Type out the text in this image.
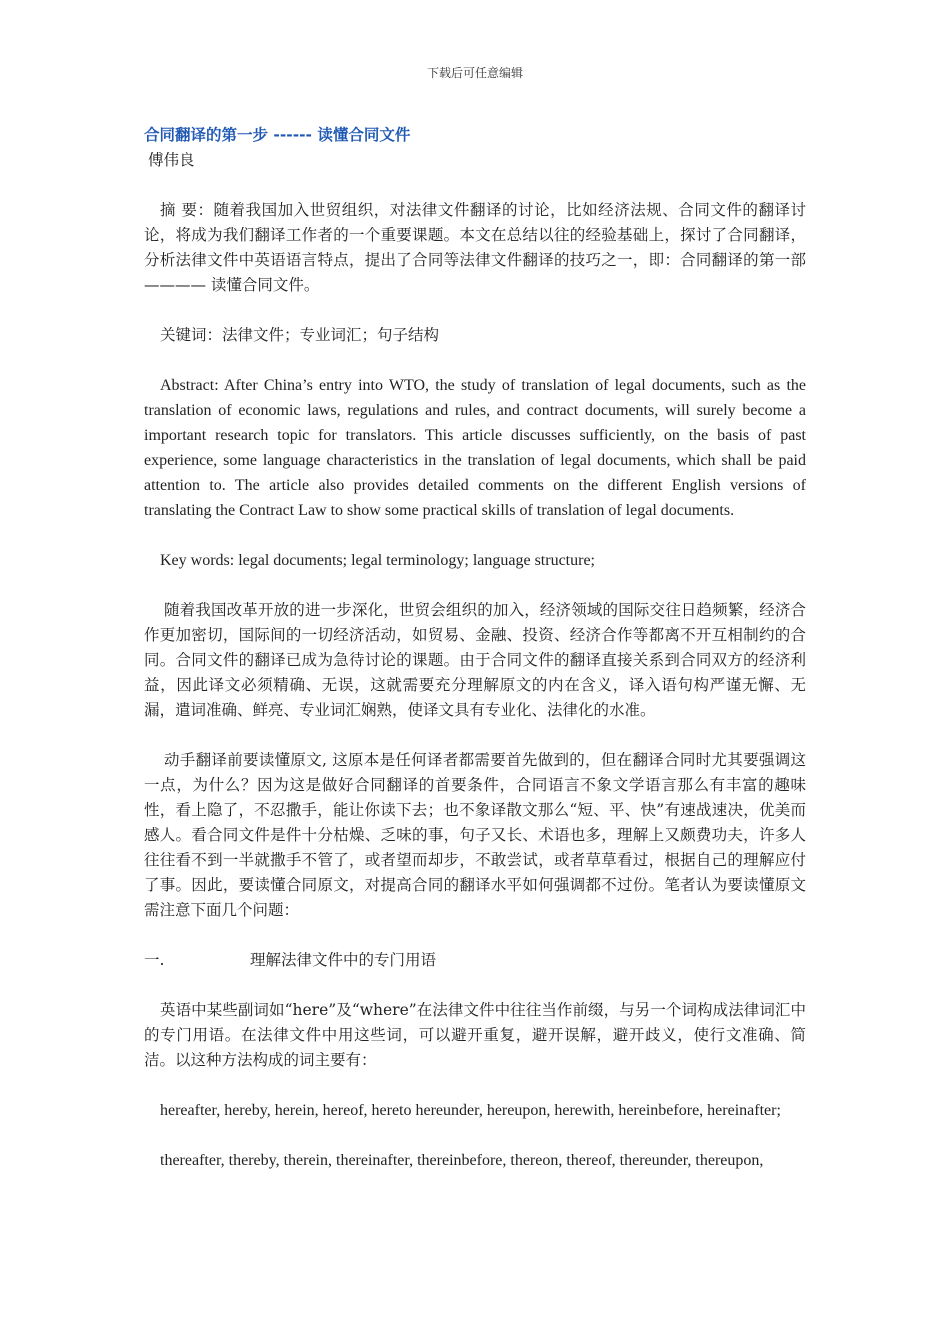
下载后可任意编辑
合同翻译的第一步 ------ 读懂合同文件
傅伟良

摘 要：随着我国加入世贸组织，对法律文件翻译的讨论，比如经济法规、合同文件的翻译讨论，将成为我们翻译工作者的一个重要课题。本文在总结以往的经验基础上，探讨了合同翻译，分析法律文件中英语语言特点，提出了合同等法律文件翻译的技巧之一，即：合同翻译的第一部 ———— 读懂合同文件。

关键词：法律文件；专业词汇；句子结构

Abstract: After China’s entry into WTO, the study of translation of legal documents, such as the translation of economic laws, regulations and rules, and contract documents, will surely become a important research topic for translators. This article discusses sufficiently, on the basis of past experience, some language characteristics in the translation of legal documents, which shall be paid attention to. The article also provides detailed comments on the different English versions of translating the Contract Law to show some practical skills of translation of legal documents.

Key words: legal documents; legal terminology; language structure;

随着我国改革开放的进一步深化，世贸会组织的加入，经济领域的国际交往日趋频繁，经济合作更加密切，国际间的一切经济活动，如贸易、金融、投资、经济合作等都离不开互相制约的合同。合同文件的翻译已成为急待讨论的课题。由于合同文件的翻译直接关系到合同双方的经济利益，因此译文必须精确、无误，这就需要充分理解原文的内在含义，译入语句构严谨无懈、无漏，遣词准确、鲜亮、专业词汇娴熟，使译文具有专业化、法律化的水准。

动手翻译前要读懂原文, 这原本是任何译者都需要首先做到的，但在翻译合同时尤其要强调这一点，为什么？因为这是做好合同翻译的首要条件，合同语言不象文学语言那么有丰富的趣味性，看上隐了，不忍撒手，能让你读下去；也不象译散文那么“短、平、快”有速战速决，优美而感人。看合同文件是件十分枯燥、乏味的事，句子又长、术语也多，理解上又颇费功夫，许多人往往看不到一半就撒手不管了，或者望而却步，不敢尝试，或者草草看过，根据自己的理解应付了事。因此，要读懂合同原文，对提高合同的翻译水平如何强调都不过份。笔者认为要读懂原文需注意下面几个问题：

一.	理解法律文件中的专门用语

英语中某些副词如“here”及“where”在法律文件中往往当作前缀，与另一个词构成法律词汇中的专门用语。在法律文件中用这些词，可以避开重复，避开误解，避开歧义，使行文准确、简洁。以这种方法构成的词主要有：

hereafter, hereby, herein, hereof, hereto hereunder, hereupon, herewith, hereinbefore, hereinafter;

thereafter, thereby, therein, thereinafter, thereinbefore, thereon, thereof, thereunder, thereupon,
